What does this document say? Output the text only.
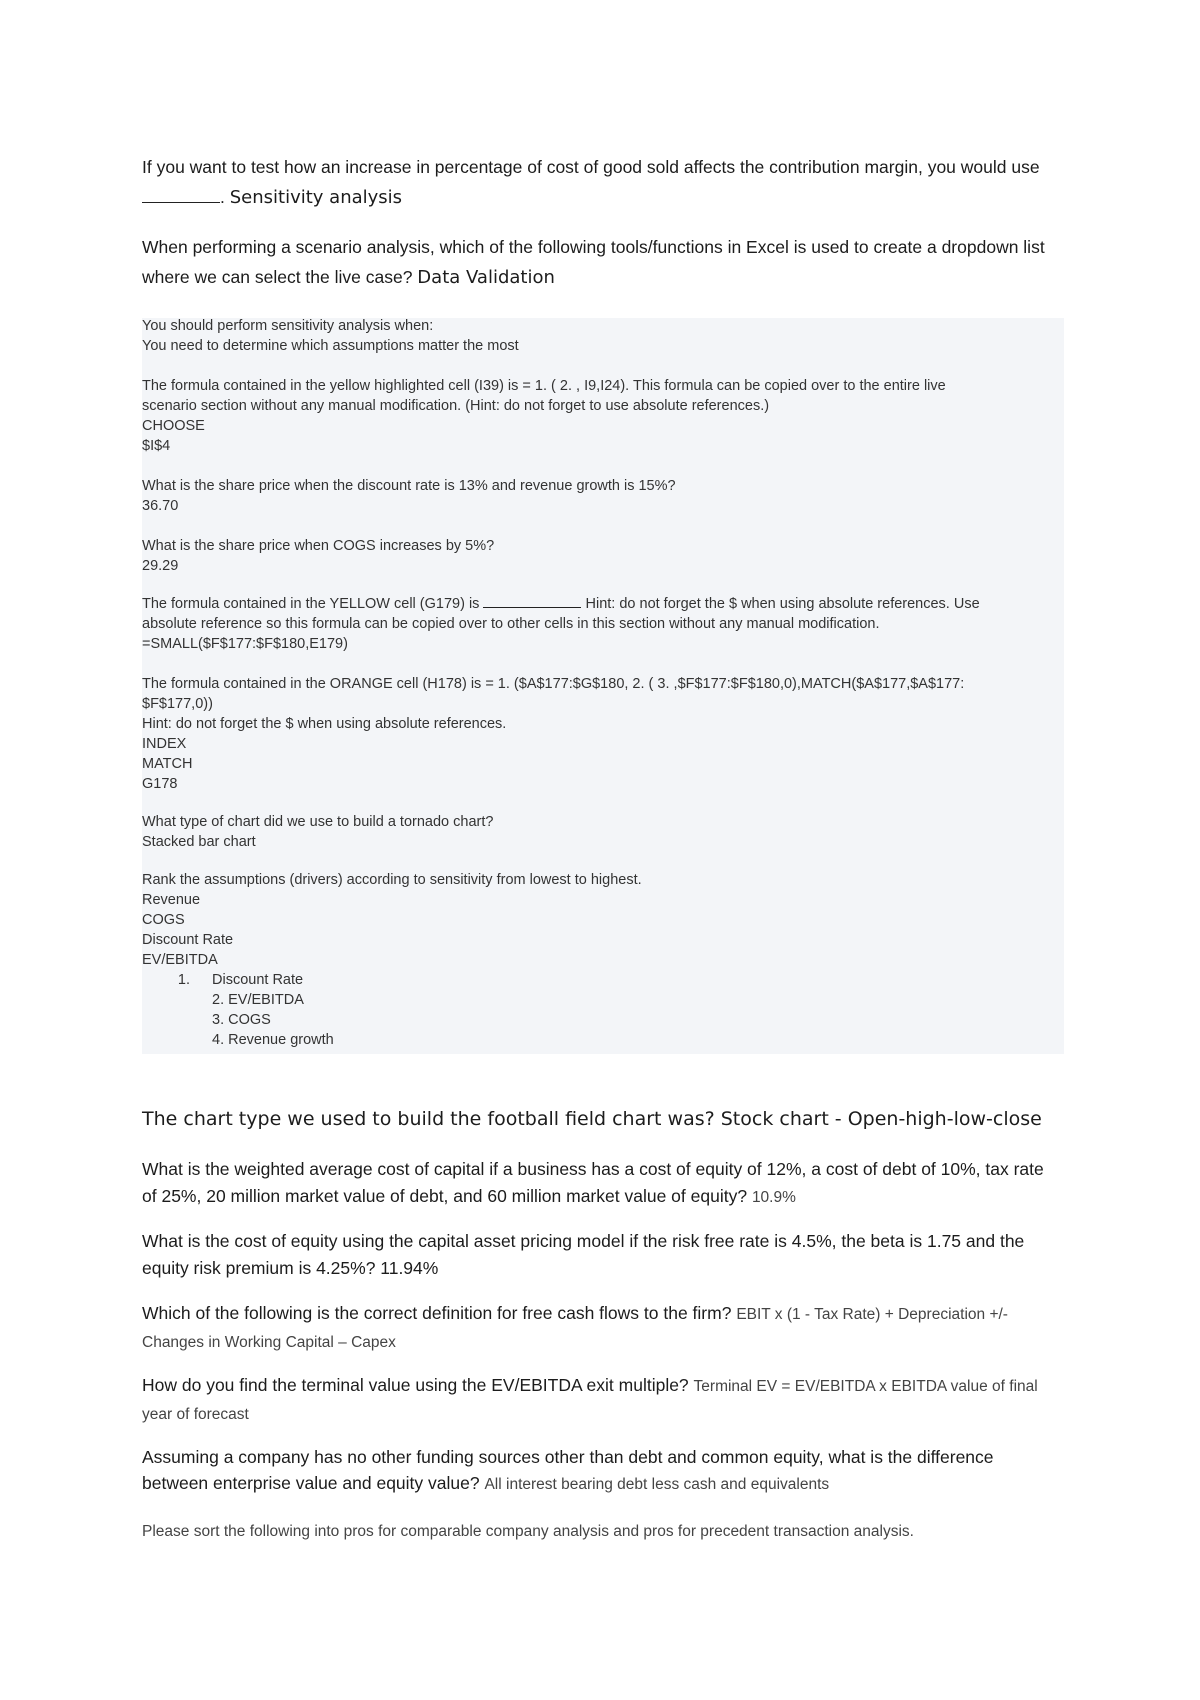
If you want to test how an increase in percentage of cost of good sold affects the contribution margin, you would use
. Sensitivity analysis

When performing a scenario analysis, which of the following tools/functions in Excel is used to create a dropdown list where we can select the live case? Data Validation

You should perform sensitivity analysis when:

You need to determine which assumptions matter the most

The formula contained in the yellow highlighted cell (I39) is = 1. ( 2. , I9,I24). This formula can be copied over to the entire live

scenario section without any manual modification. (Hint: do not forget to use absolute references.)

CHOOSE

$I$4

What is the share price when the discount rate is 13% and revenue growth is 15%?

36.70

What is the share price when COGS increases by 5%?

29.29

The formula contained in the YELLOW cell (G179) is	Hint: do not forget the $ when using absolute references. Use

absolute reference so this formula can be copied over to other cells in this section without any manual modification.

=SMALL($F$177:$F$180,E179)

The formula contained in the ORANGE cell (H178) is = 1. ($A$177:$G$180, 2. ( 3. ,$F$177:$F$180,0),MATCH($A$177,$A$177:

$F$177,0))

Hint: do not forget the $ when using absolute references.

INDEX

MATCH

G178

What type of chart did we use to build a tornado chart?

Stacked bar chart

Rank the assumptions (drivers) according to sensitivity from lowest to highest.

Revenue

COGS

Discount Rate

EV/EBITDA

1.	Discount Rate
2. EV/EBITDA
3. COGS
4. Revenue growth

The chart type we used to build the football field chart was? Stock chart - Open-high-low-close

What is the weighted average cost of capital if a business has a cost of equity of 12%, a cost of debt of 10%, tax rate of 25%, 20 million market value of debt, and 60 million market value of equity? 10.9%

What is the cost of equity using the capital asset pricing model if the risk free rate is 4.5%, the beta is 1.75 and the equity risk premium is 4.25%? 11.94%

Which of the following is the correct definition for free cash flows to the firm? EBIT x (1 - Tax Rate) + Depreciation +/- Changes in Working Capital – Capex

How do you find the terminal value using the EV/EBITDA exit multiple? Terminal EV = EV/EBITDA x EBITDA value of final year of forecast

Assuming a company has no other funding sources other than debt and common equity, what is the difference between enterprise value and equity value? All interest bearing debt less cash and equivalents

Please sort the following into pros for comparable company analysis and pros for precedent transaction analysis.
